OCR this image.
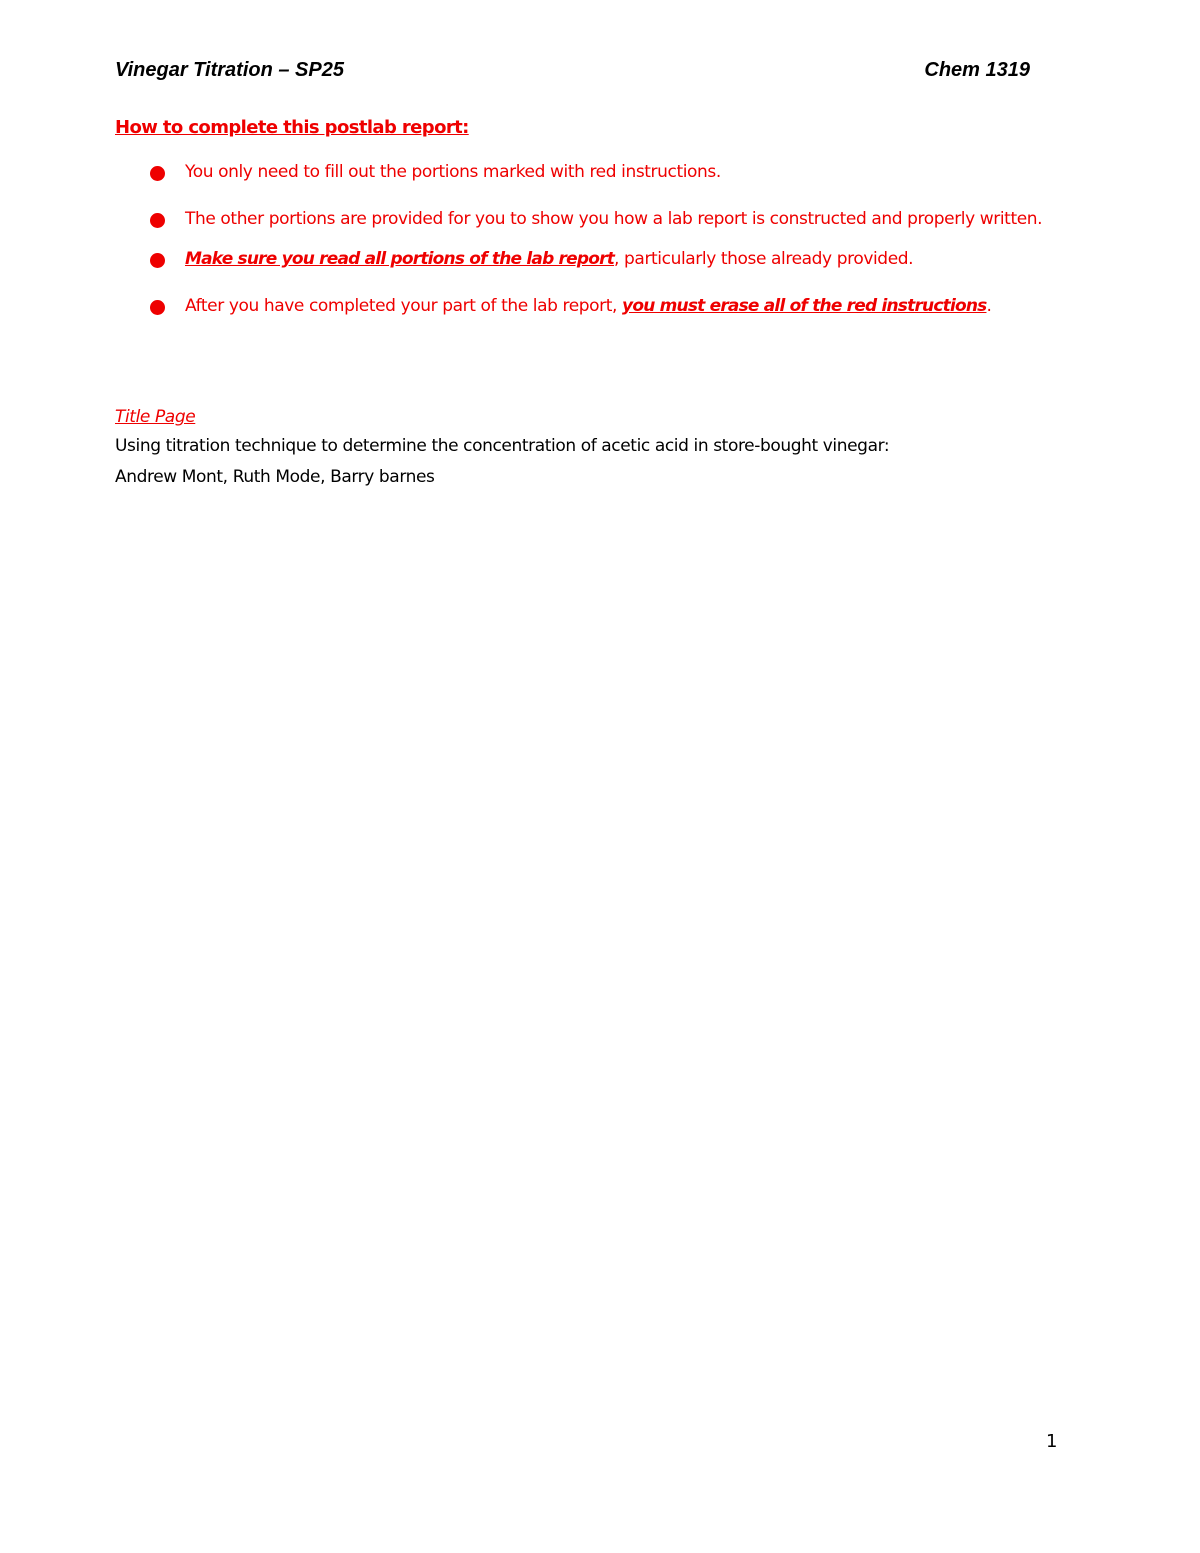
Vinegar Titration – SP25	Chem 1319
How to complete this postlab report:
You only need to fill out the portions marked with red instructions.
The other portions are provided for you to show you how a lab report is constructed and properly written.
Make sure you read all portions of the lab report, particularly those already provided.
After you have completed your part of the lab report, you must erase all of the red instructions.
Title Page
Using titration technique to determine the concentration of acetic acid in store-bought vinegar:
Andrew Mont, Ruth Mode, Barry barnes
1
